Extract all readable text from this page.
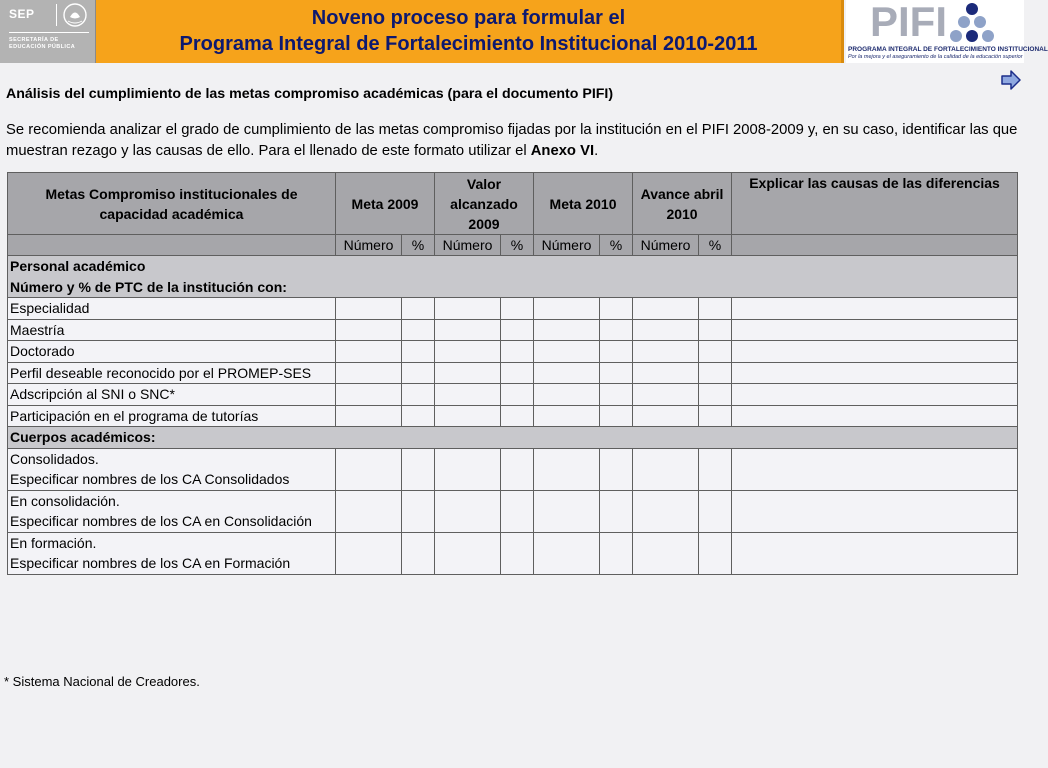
SEP
SECRETARÍA DE
EDUCACIÓN PÚBLICA
Noveno proceso para formular el
Programa Integral de Fortalecimiento Institucional 2010-2011	PIFI
PROGRAMA INTEGRAL DE FORTALECIMIENTO INSTITUCIONAL
Por la mejora y el aseguramiento de la calidad de la educación superior
Análisis del cumplimiento de las metas compromiso académicas (para el documento PIFI)
Se recomienda analizar el grado de cumplimiento de las metas compromiso fijadas por la institución en el PIFI 2008-2009 y, en su caso, identificar las que muestran rezago y las causas de ello. Para el llenado de este formato utilizar el Anexo VI.
Metas Compromiso institucionales de capacidad académica	Meta 2009		Valor alcanzado 2009		Meta 2010		Avance abril 2010		Explicar las causas de las diferencias
	Número	%	Número	%	Número	%	Número	%	

Personal académico
Número y % de PTC de la institución con:									

Especialidad									
Maestría									
Doctorado									
Perfil deseable reconocido por el PROMEP-SES									
Adscripción al SNI o SNC*									
Participación en el programa de tutorías									
Cuerpos académicos:									

Consolidados.
Especificar nombres de los CA Consolidados									

En consolidación.
Especificar nombres de los CA en Consolidación									

En formación.
Especificar nombres de los CA en Formación									

* Sistema Nacional de Creadores.
